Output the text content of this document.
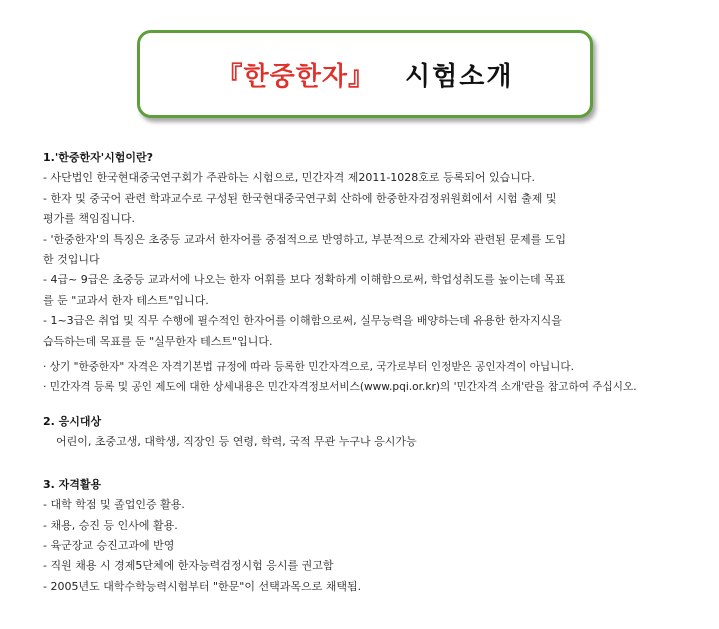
『한중한자』 시험소개
1.'한중한자'시험이란?
- 사단법인 한국현대중국연구회가 주관하는 시험으로, 민간자격 제2011-1028호로 등록되어 있습니다.
- 한자 및 중국어 관련 학과교수로 구성된 한국현대중국연구회 산하에 한중한자검정위원회에서 시험 출제 및
평가를 책임집니다.
- '한중한자'의 특징은 초중등 교과서 한자어를 중점적으로 반영하고, 부분적으로 간체자와 관련된 문제를 도입
한 것입니다
- 4급~ 9급은 초중등 교과서에 나오는 한자 어휘를 보다 정확하게 이해함으로써, 학업성취도를 높이는데 목표
를 둔 "교과서 한자 테스트"입니다.
- 1~3급은 취업 및 직무 수행에 필수적인 한자어를 이해함으로써, 실무능력을 배양하는데 유용한 한자지식을
습득하는데 목표를 둔 "실무한자 테스트"입니다.
· 상기 "한중한자" 자격은 자격기본법 규정에 따라 등록한 민간자격으로, 국가로부터 인정받은 공인자격이 아닙니다.
· 민간자격 등록 및 공인 제도에 대한 상세내용은 민간자격정보서비스(www.pqi.or.kr)의 '민간자격 소개'란을 참고하여 주십시오.
2. 응시대상
어린이, 초중고생, 대학생, 직장인 등 연령, 학력, 국적 무관 누구나 응시가능
3. 자격활용
- 대학 학점 및 졸업인증 활용.
- 채용, 승진 등 인사에 활용.
- 육군장교 승진고과에 반영
- 직원 채용 시 경제5단체에 한자능력검정시험 응시를 권고함
- 2005년도 대학수학능력시험부터 "한문"이 선택과목으로 채택됨.
